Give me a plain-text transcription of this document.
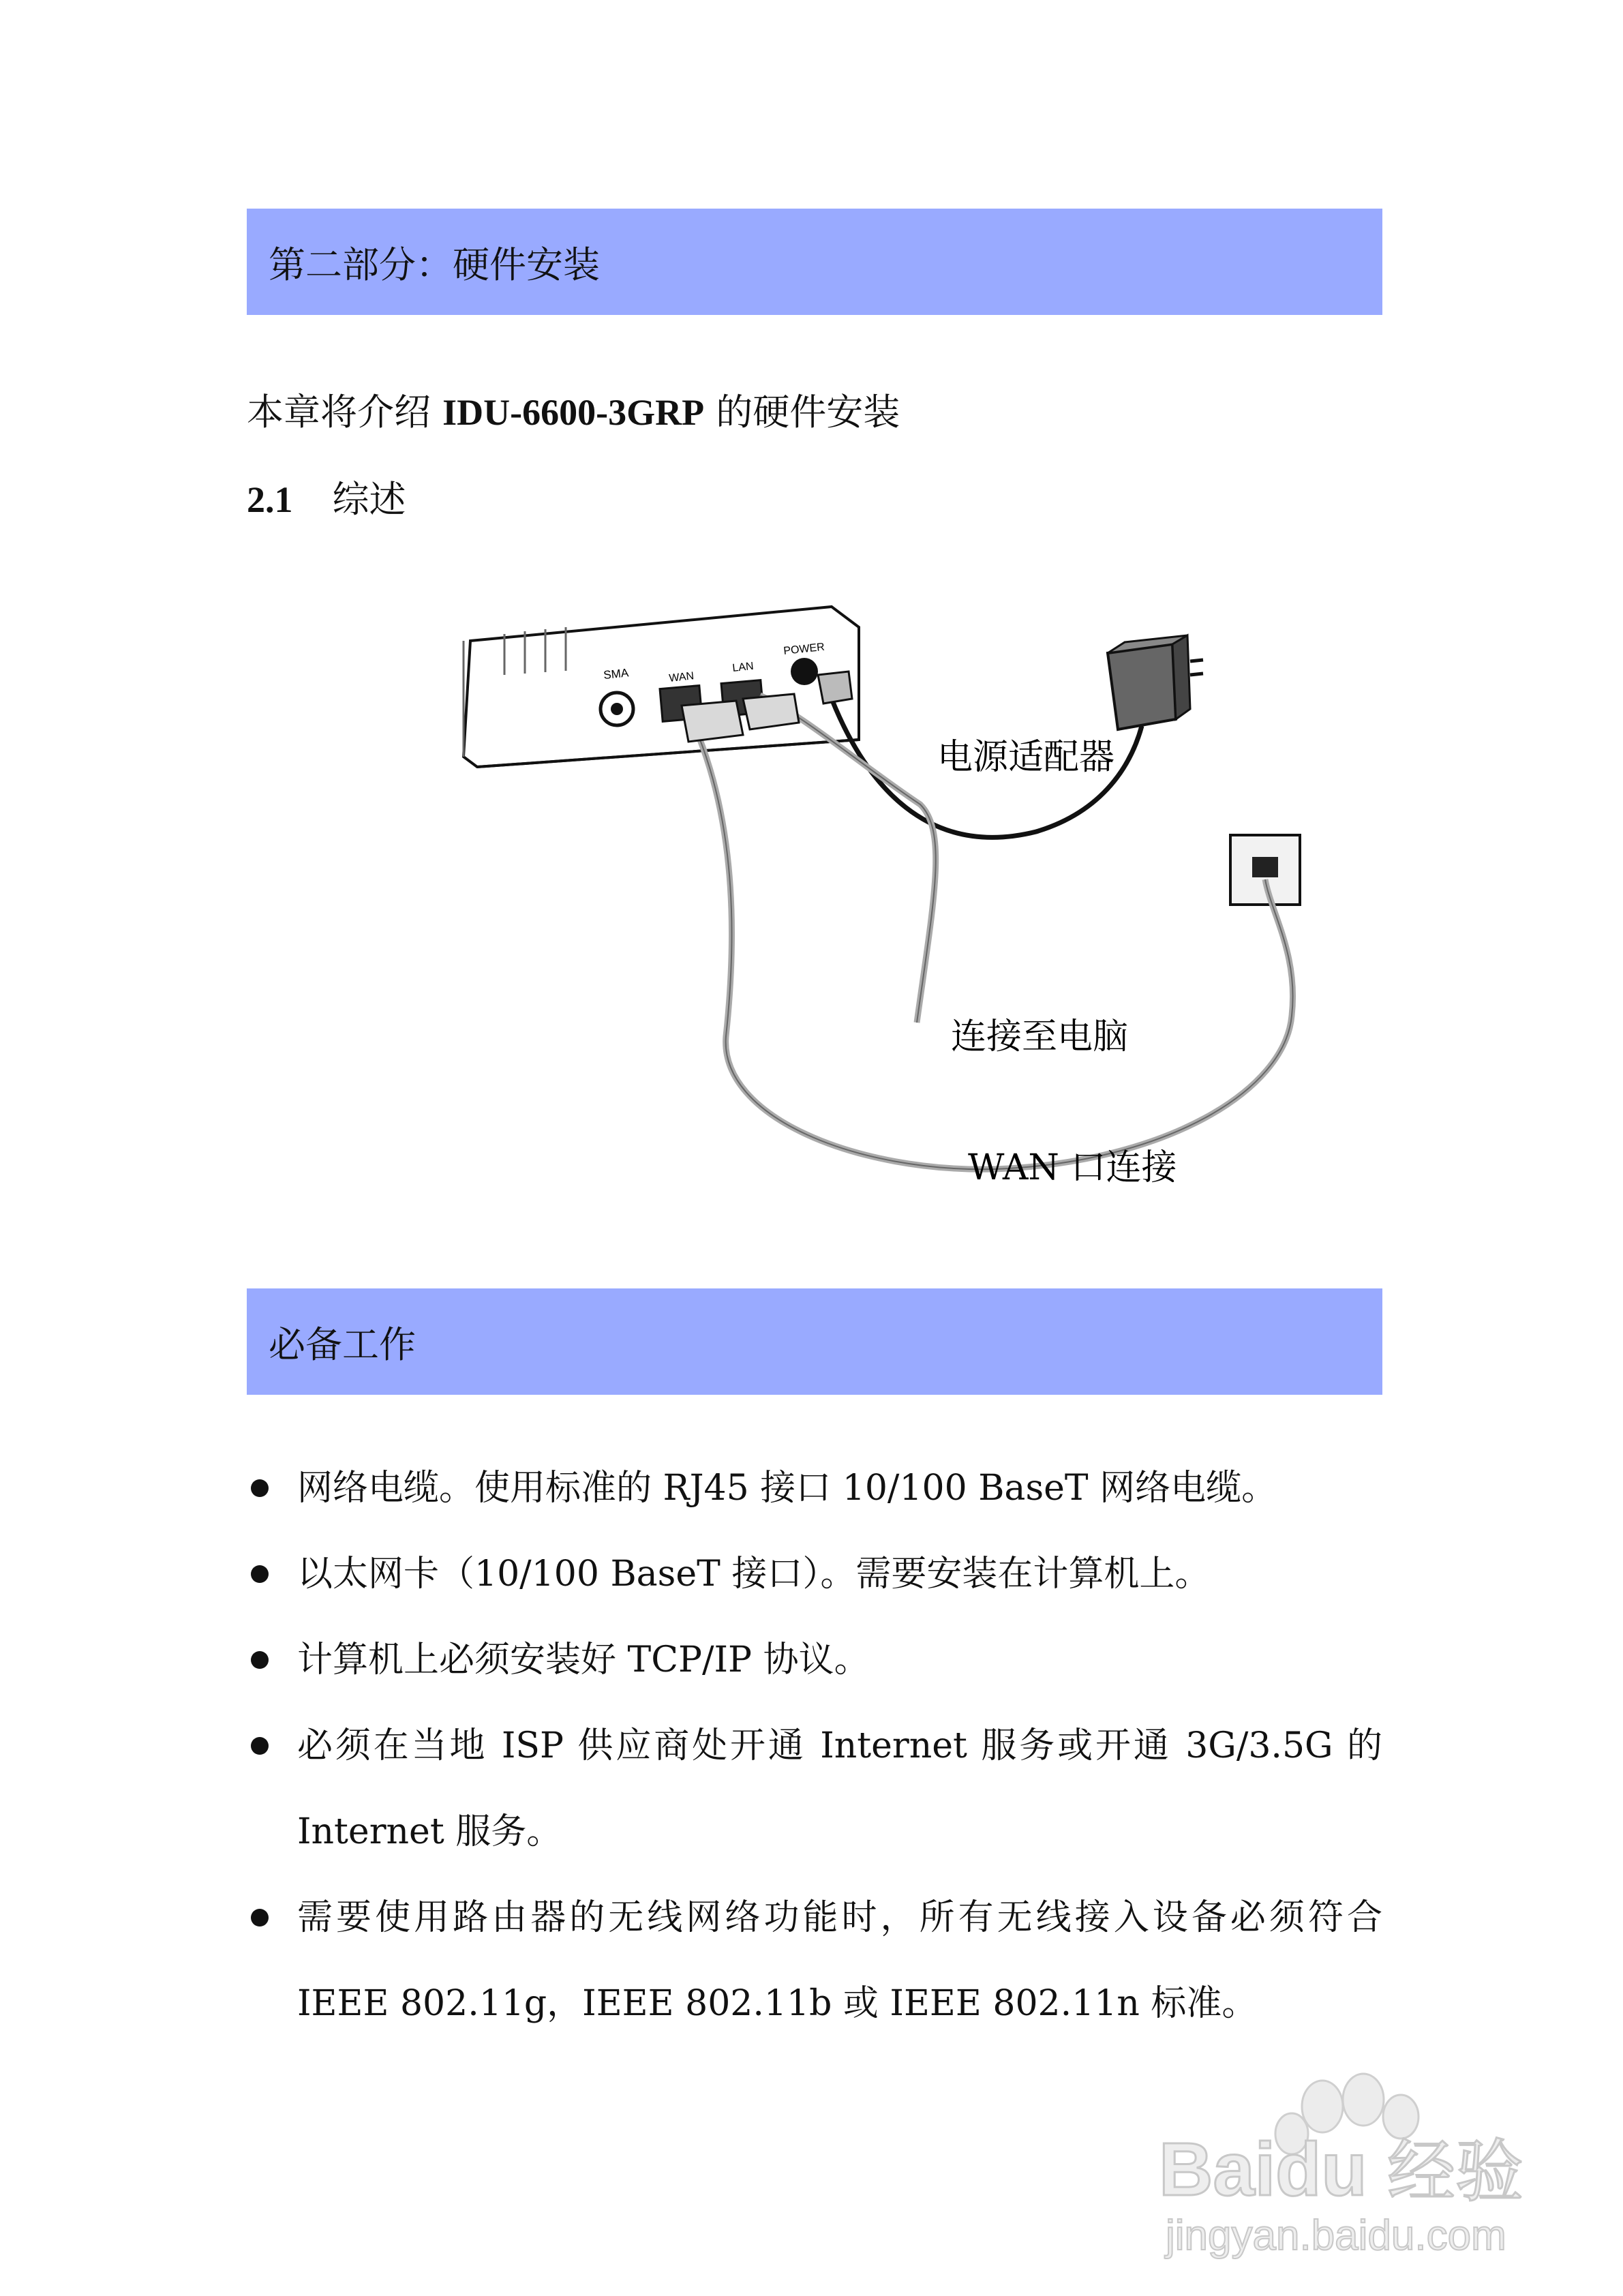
第二部分：硬件安装
本章将介绍 IDU-6600-3GRP 的硬件安装
2.1 综述
SMA	WAN
LAN
POWER
电源适配器
连接至电脑
WAN 口连接
必备工作
网络电缆。使用标准的 RJ45 接口 10/100 BaseT 网络电缆。
以太网卡（10/100 BaseT 接口）。需要安装在计算机上。
计算机上必须安装好 TCP/IP 协议。
必须在当地 ISP 供应商处开通 Internet 服务或开通 3G/3.5G 的 Internet 服务。
需要使用路由器的无线网络功能时，所有无线接入设备必须符合 IEEE 802.11g，IEEE 802.11b 或 IEEE 802.11n 标准。
Baidu 经验
jingyan.baidu.com
